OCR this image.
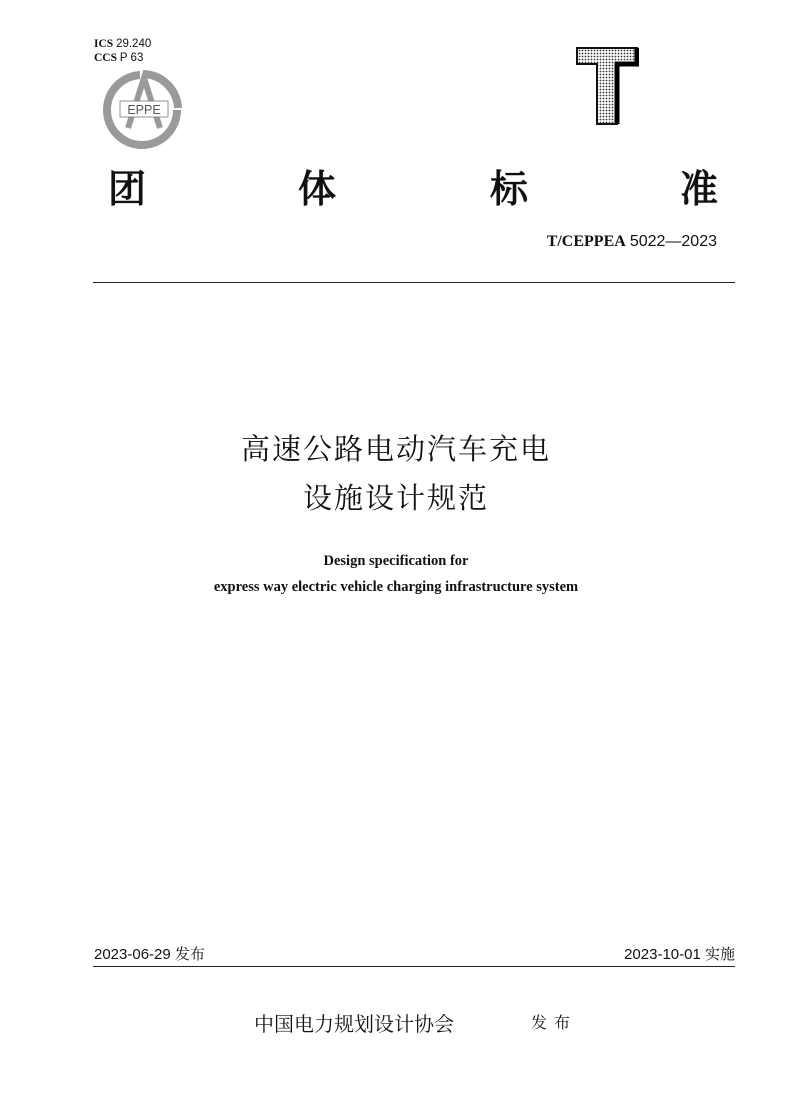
ICS 29.240
CCS P 63
EPPE
团	体	标	准
T/CEPPEA 5022—2023
高速公路电动汽车充电
设施设计规范
Design specification for
express way electric vehicle charging infrastructure system
2023-06-29 发布	2023-10-01 实施
中国电力规划设计协会	发布
